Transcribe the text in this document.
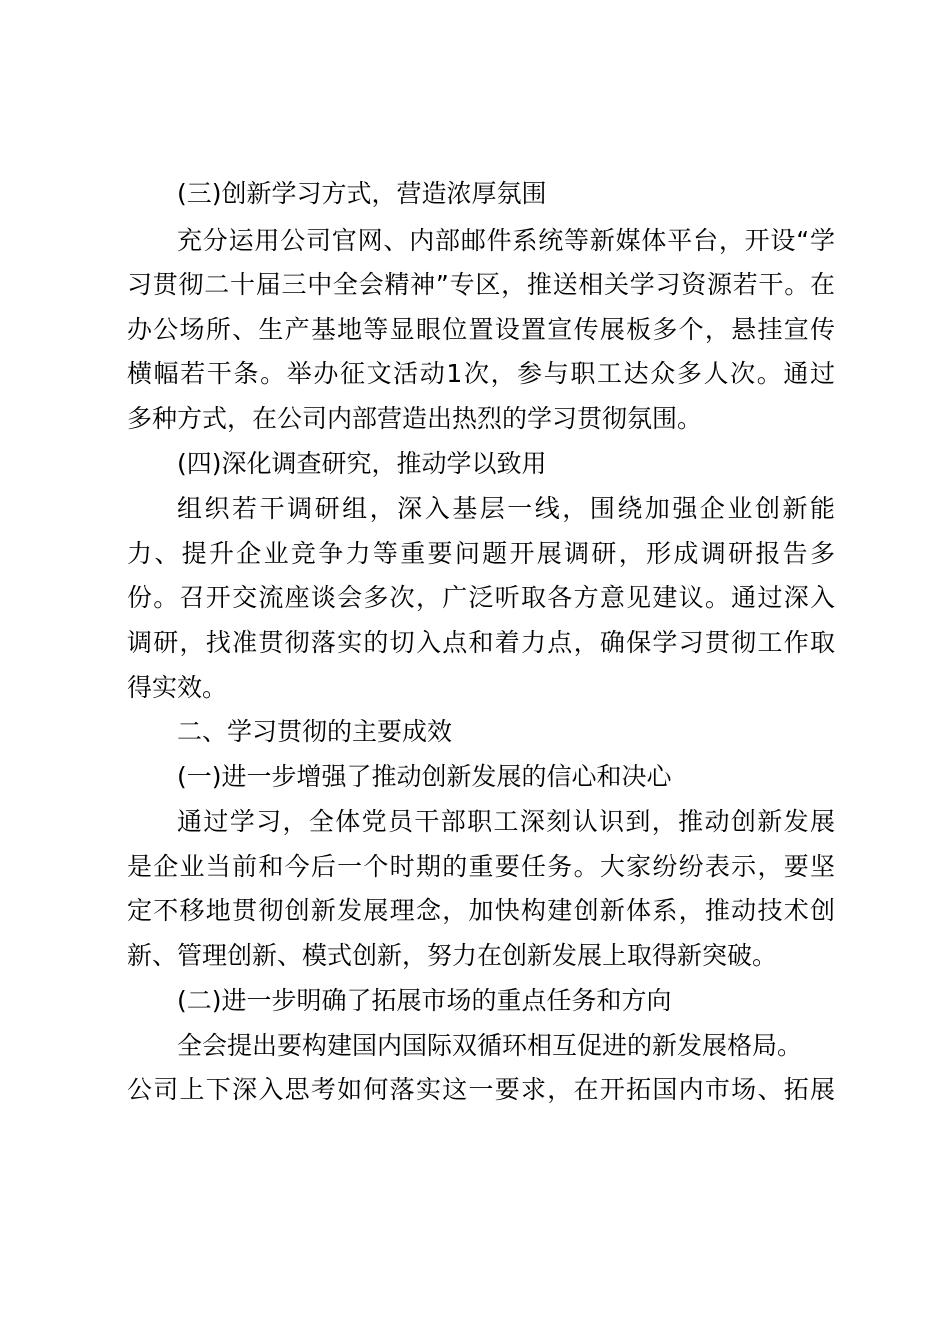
(三)创新学习方式，营造浓厚氛围
充分运用公司官网、内部邮件系统等新媒体平台，开设“学
习贯彻二十届三中全会精神”专区，推送相关学习资源若干。在
办公场所、生产基地等显眼位置设置宣传展板多个，悬挂宣传
横幅若干条。举办征文活动1次，参与职工达众多人次。通过
多种方式，在公司内部营造出热烈的学习贯彻氛围。
(四)深化调查研究，推动学以致用
组织若干调研组，深入基层一线，围绕加强企业创新能
力、提升企业竞争力等重要问题开展调研，形成调研报告多
份。召开交流座谈会多次，广泛听取各方意见建议。通过深入
调研，找准贯彻落实的切入点和着力点，确保学习贯彻工作取
得实效。
二、学习贯彻的主要成效
(一)进一步增强了推动创新发展的信心和决心
通过学习，全体党员干部职工深刻认识到，推动创新发展
是企业当前和今后一个时期的重要任务。大家纷纷表示，要坚
定不移地贯彻创新发展理念，加快构建创新体系，推动技术创
新、管理创新、模式创新，努力在创新发展上取得新突破。
(二)进一步明确了拓展市场的重点任务和方向
全会提出要构建国内国际双循环相互促进的新发展格局。
公司上下深入思考如何落实这一要求，在开拓国内市场、拓展
